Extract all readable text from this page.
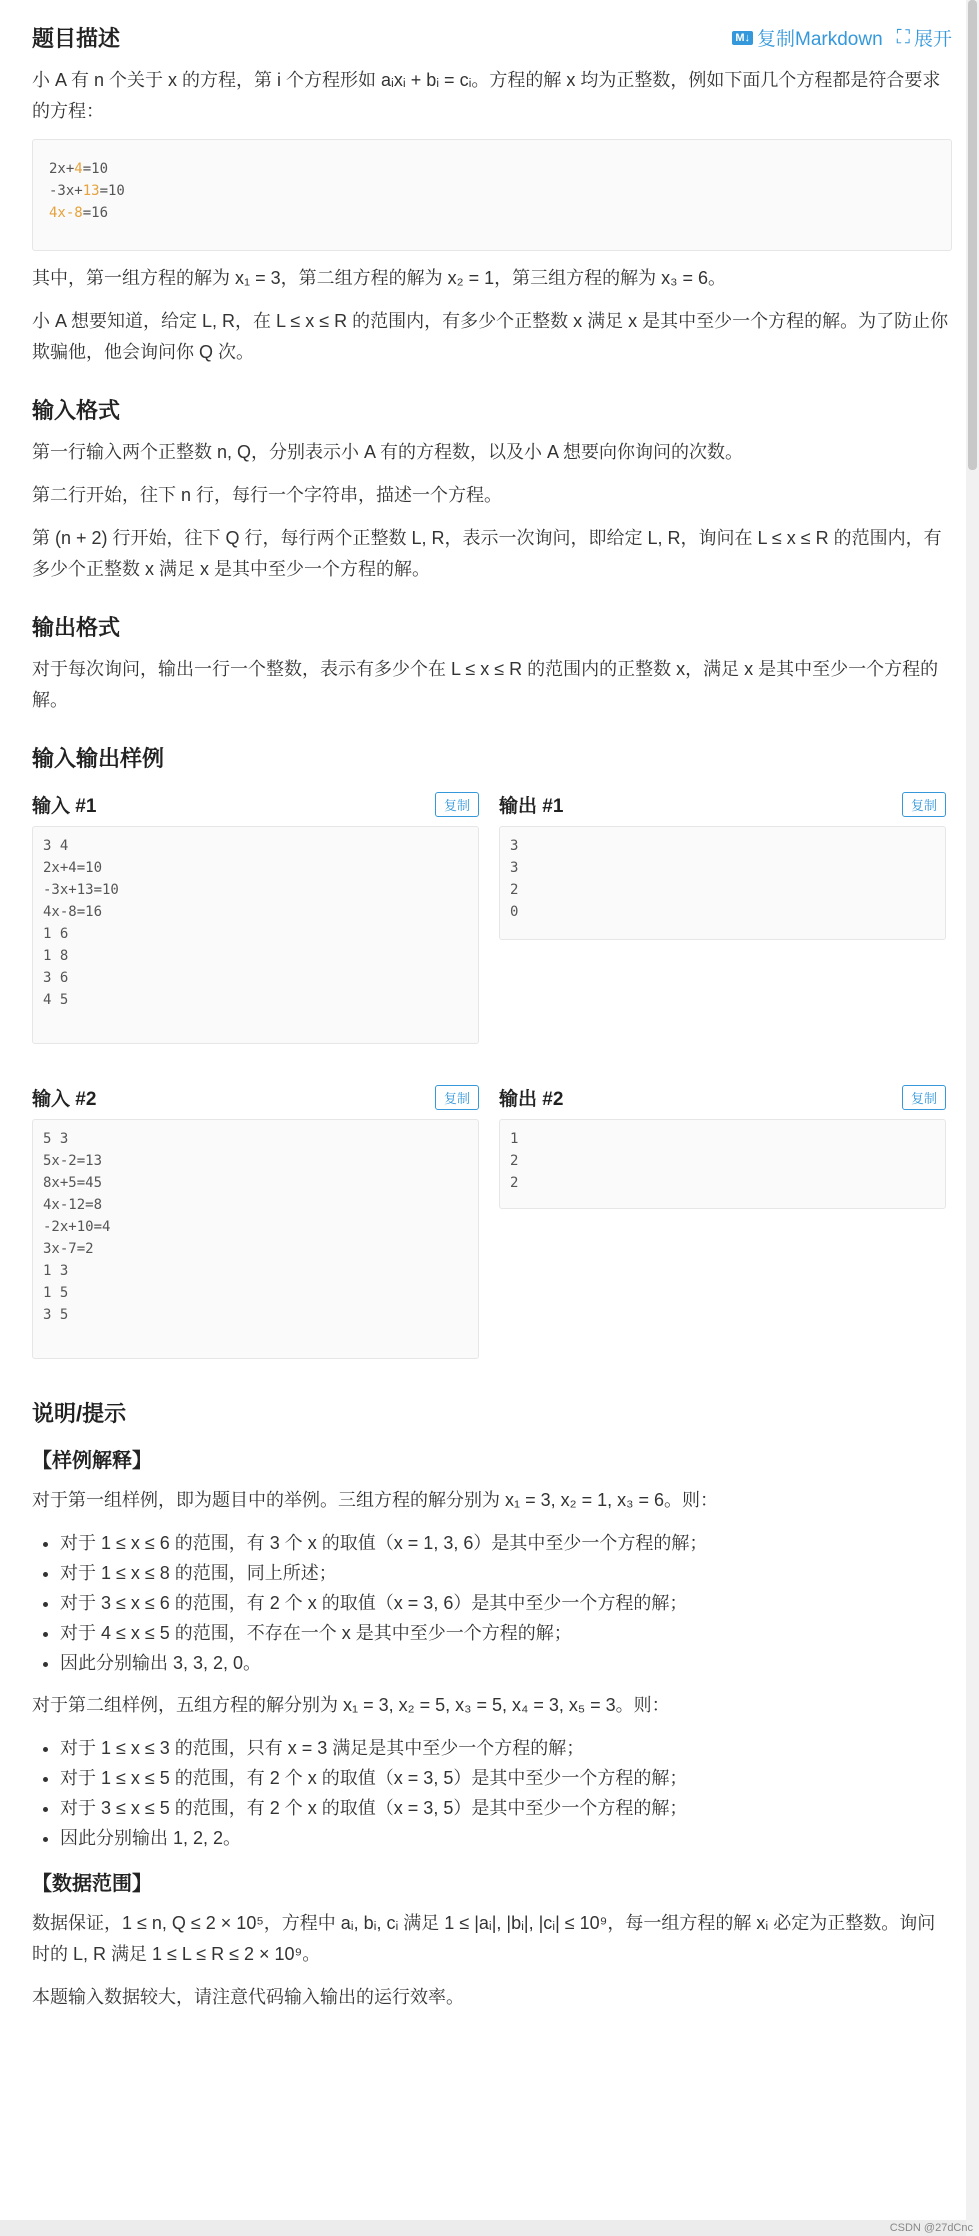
题目描述	M↓ 复制Markdown ⛶ 展开

小 A 有 n 个关于 x 的方程，第 i 个方程形如 aᵢxᵢ + bᵢ = cᵢ。方程的解 x 均为正整数，例如下面几个方程都是符合要求的方程：

2x+4=10
-3x+13=10
4x-8=16

其中，第一组方程的解为 x₁ = 3，第二组方程的解为 x₂ = 1，第三组方程的解为 x₃ = 6。

小 A 想要知道，给定 L, R，在 L ≤ x ≤ R 的范围内，有多少个正整数 x 满足 x 是其中至少一个方程的解。为了防止你欺骗他，他会询问你 Q 次。

输入格式

第一行输入两个正整数 n, Q，分别表示小 A 有的方程数，以及小 A 想要向你询问的次数。

第二行开始，往下 n 行，每行一个字符串，描述一个方程。

第 (n + 2) 行开始，往下 Q 行，每行两个正整数 L, R，表示一次询问，即给定 L, R，询问在 L ≤ x ≤ R 的范围内，有多少个正整数 x 满足 x 是其中至少一个方程的解。

输出格式

对于每次询问，输出一行一个整数，表示有多少个在 L ≤ x ≤ R 的范围内的正整数 x，满足 x 是其中至少一个方程的解。

输入输出样例
输入 #1	复制
3 4
2x+4=10
-3x+13=10
4x-8=16
1 6
1 8
3 6
4 5
输出 #1	复制
3
3
2
0
输入 #2	复制
5 3
5x-2=13
8x+5=45
4x-12=8
-2x+10=4
3x-7=2
1 3
1 5
3 5
输出 #2	复制
1
2
2
说明/提示
【样例解释】

对于第一组样例，即为题目中的举例。三组方程的解分别为 x₁ = 3, x₂ = 1, x₃ = 6。则：

• 对于 1 ≤ x ≤ 6 的范围，有 3 个 x 的取值（x = 1, 3, 6）是其中至少一个方程的解；
• 对于 1 ≤ x ≤ 8 的范围，同上所述；
• 对于 3 ≤ x ≤ 6 的范围，有 2 个 x 的取值（x = 3, 6）是其中至少一个方程的解；
• 对于 4 ≤ x ≤ 5 的范围，不存在一个 x 是其中至少一个方程的解；
• 因此分别输出 3, 3, 2, 0。

对于第二组样例，五组方程的解分别为 x₁ = 3, x₂ = 5, x₃ = 5, x₄ = 3, x₅ = 3。则：

• 对于 1 ≤ x ≤ 3 的范围，只有 x = 3 满足是其中至少一个方程的解；
• 对于 1 ≤ x ≤ 5 的范围，有 2 个 x 的取值（x = 3, 5）是其中至少一个方程的解；
• 对于 3 ≤ x ≤ 5 的范围，有 2 个 x 的取值（x = 3, 5）是其中至少一个方程的解；
• 因此分别输出 1, 2, 2。
【数据范围】

数据保证，1 ≤ n, Q ≤ 2 × 10⁵，方程中 aᵢ, bᵢ, cᵢ 满足 1 ≤ |aᵢ|, |bᵢ|, |cᵢ| ≤ 10⁹，每一组方程的解 xᵢ 必定为正整数。询问时的 L, R 满足 1 ≤ L ≤ R ≤ 2 × 10⁹。

本题输入数据较大，请注意代码输入输出的运行效率。

CSDN @27dCnc
